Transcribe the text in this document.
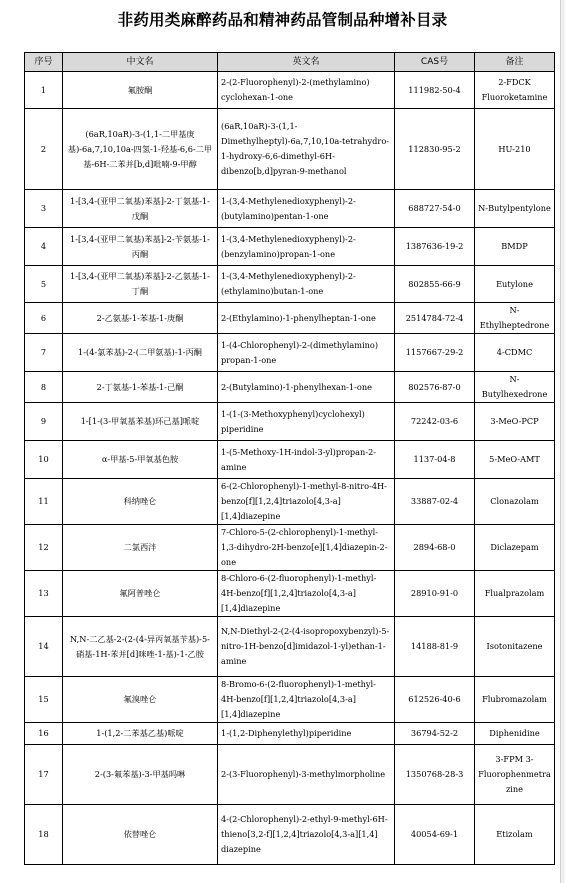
非药用类麻醉药品和精神药品管制品种增补目录
序号	中文名	英文名	CAS号	备注
1	氟胺酮	2-(2-Fluorophenyl)-2-(methylamino) cyclohexan-1-one	111982-50-4	2-FDCK Fluoroketamine
2	(6aR,10aR)-3-(1,1-二甲基庚基)-6a,7,10,10a-四氢-1-羟基-6,6-二甲基-6H-二苯并[b,d]吡喃-9-甲醇	(6aR,10aR)-3-(1,1-Dimethylheptyl)-6a,7,10,10a-tetrahydro-1-hydroxy-6,6-dimethyl-6H-dibenzo[b,d]pyran-9-methanol	112830-95-2	HU-210
3	1-[3,4-(亚甲二氧基)苯基]-2-丁氨基-1-戊酮	1-(3,4-Methylenedioxyphenyl)-2-(butylamino)pentan-1-one	688727-54-0	N-Butylpentylone
4	1-[3,4-(亚甲二氧基)苯基]-2-苄氨基-1-丙酮	1-(3,4-Methylenedioxyphenyl)-2-(benzylamino)propan-1-one	1387636-19-2	BMDP
5	1-[3,4-(亚甲二氧基)苯基]-2-乙氨基-1-丁酮	1-(3,4-Methylenedioxyphenyl)-2-(ethylamino)butan-1-one	802855-66-9	Eutylone
6	2-乙氨基-1-苯基-1-庚酮	2-(Ethylamino)-1-phenylheptan-1-one	2514784-72-4	N-Ethylheptedrone
7	1-(4-氯苯基)-2-(二甲氨基)-1-丙酮	1-(4-Chlorophenyl)-2-(dimethylamino) propan-1-one	1157667-29-2	4-CDMC
8	2-丁氨基-1-苯基-1-己酮	2-(Butylamino)-1-phenylhexan-1-one	802576-87-0	N-Butylhexedrone
9	1-[1-(3-甲氧基苯基)环己基]哌啶	1-(1-(3-Methoxyphenyl)cyclohexyl) piperidine	72242-03-6	3-MeO-PCP
10	α-甲基-5-甲氧基色胺	1-(5-Methoxy-1H-indol-3-yl)propan-2-amine	1137-04-8	5-MeO-AMT
11	科纳唑仑	6-(2-Chlorophenyl)-1-methyl-8-nitro-4H-benzo[f][1,2,4]triazolo[4,3-a][1,4]diazepine	33887-02-4	Clonazolam
12	二氯西泮	7-Chloro-5-(2-chlorophenyl)-1-methyl-1,3-dihydro-2H-benzo[e][1,4]diazepin-2-one	2894-68-0	Diclazepam
13	氟阿普唑仑	8-Chloro-6-(2-fluorophenyl)-1-methyl-4H-benzo[f][1,2,4]triazolo[4,3-a][1,4]diazepine	28910-91-0	Flualprazolam
14	N,N-二乙基-2-(2-(4-异丙氧基苄基)-5-硝基-1H-苯并[d]咪唑-1-基)-1-乙胺	N,N-Diethyl-2-(2-(4-isopropoxybenzyl)-5-nitro-1H-benzo[d]imidazol-1-yl)ethan-1-amine	14188-81-9	Isotonitazene
15	氟溴唑仑	8-Bromo-6-(2-fluorophenyl)-1-methyl-4H-benzo[f][1,2,4]triazolo[4,3-a][1,4]diazepine	612526-40-6	Flubromazolam
16	1-(1,2-二苯基乙基)哌啶	1-(1,2-Diphenylethyl)piperidine	36794-52-2	Diphenidine
17	2-(3-氟苯基)-3-甲基吗啉	2-(3-Fluorophenyl)-3-methylmorpholine	1350768-28-3	3-FPM 3-Fluorophenmetrazine
18	依替唑仑	4-(2-Chlorophenyl)-2-ethyl-9-methyl-6H-thieno[3,2-f][1,2,4]triazolo[4,3-a][1,4] diazepine	40054-69-1	Etizolam
